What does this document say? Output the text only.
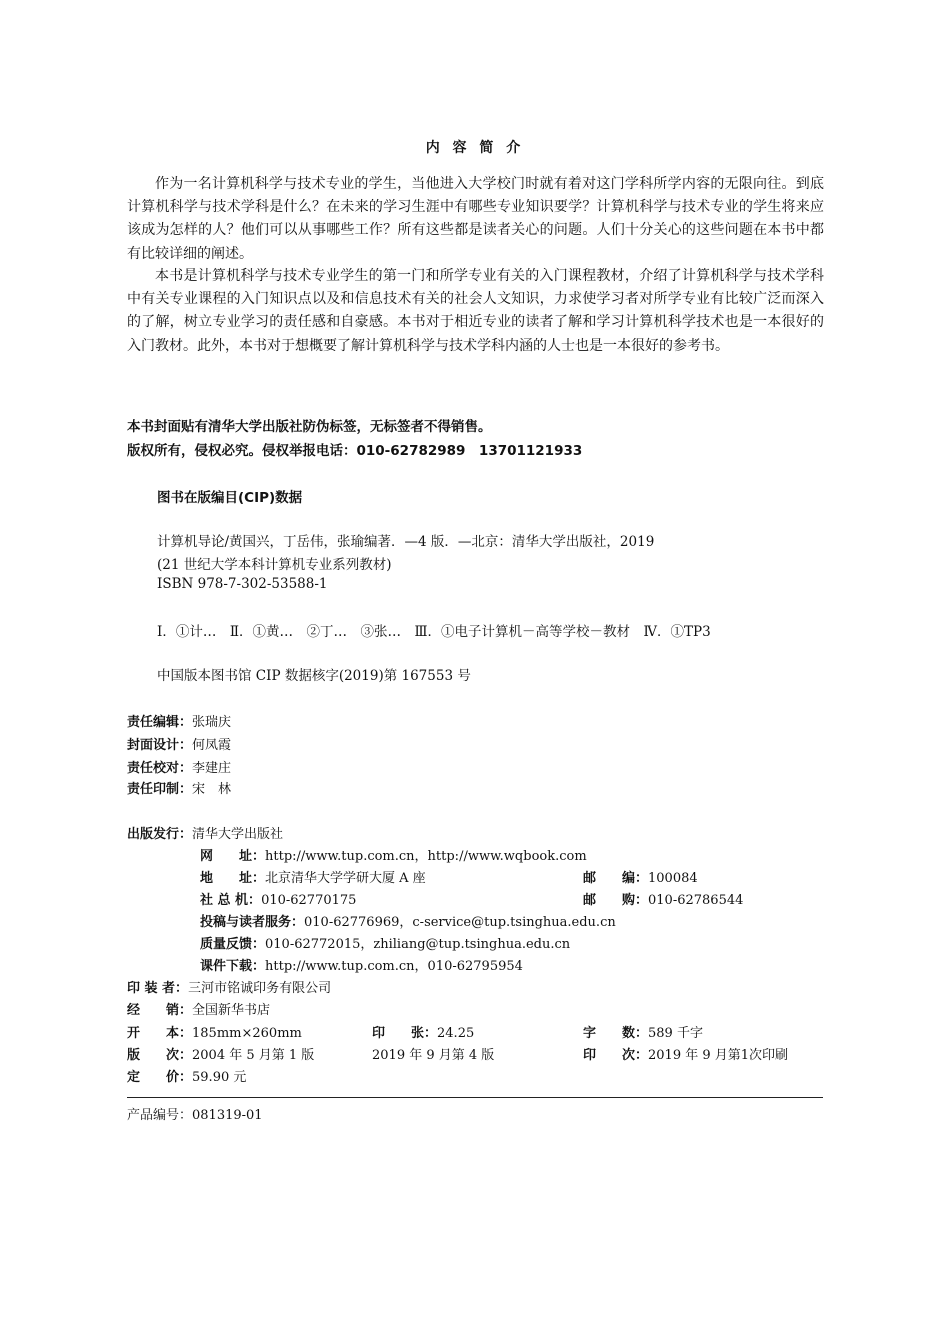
内 容 简 介
作为一名计算机科学与技术专业的学生，当他进入大学校门时就有着对这门学科所学内容的无限向往。到底计算机科学与技术学科是什么？在未来的学习生涯中有哪些专业知识要学？计算机科学与技术专业的学生将来应该成为怎样的人？他们可以从事哪些工作？所有这些都是读者关心的问题。人们十分关心的这些问题在本书中都有比较详细的阐述。
本书是计算机科学与技术专业学生的第一门和所学专业有关的入门课程教材，介绍了计算机科学与技术学科中有关专业课程的入门知识点以及和信息技术有关的社会人文知识，力求使学习者对所学专业有比较广泛而深入的了解，树立专业学习的责任感和自豪感。本书对于相近专业的读者了解和学习计算机科学技术也是一本很好的入门教材。此外，本书对于想概要了解计算机科学与技术学科内涵的人士也是一本很好的参考书。
本书封面贴有清华大学出版社防伪标签，无标签者不得销售。
版权所有，侵权必究。侵权举报电话：010-62782989　13701121933
图书在版编目(CIP)数据
计算机导论/黄国兴，丁岳伟，张瑜编著．—4 版．—北京：清华大学出版社，2019
(21 世纪大学本科计算机专业系列教材)
ISBN 978-7-302-53588-1
Ⅰ．①计…　Ⅱ．①黄…　②丁…　③张…　Ⅲ．①电子计算机－高等学校－教材　Ⅳ．①TP3
中国版本图书馆 CIP 数据核字(2019)第 167553 号
责任编辑：张瑞庆
封面设计：何凤霞
责任校对：李建庄
责任印制：宋　林
出版发行：清华大学出版社
网　　址：http://www.tup.com.cn，http://www.wqbook.com
地　　址：北京清华大学学研大厦 A 座	邮　　编：100084
社 总 机：010-62770175	邮　　购：010-62786544
投稿与读者服务：010-62776969，c-service@tup.tsinghua.edu.cn
质量反馈：010-62772015，zhiliang@tup.tsinghua.edu.cn
课件下载：http://www.tup.com.cn，010-62795954
印 装 者：三河市铭诚印务有限公司
经　　销：全国新华书店
开　　本：185mm×260mm	印　　张：24.25	字　　数：589 千字
版　　次：2004 年 5 月第 1 版	2019 年 9 月第 4 版	印　　次：2019 年 9 月第1次印刷
定　　价：59.90 元
产品编号：081319-01
